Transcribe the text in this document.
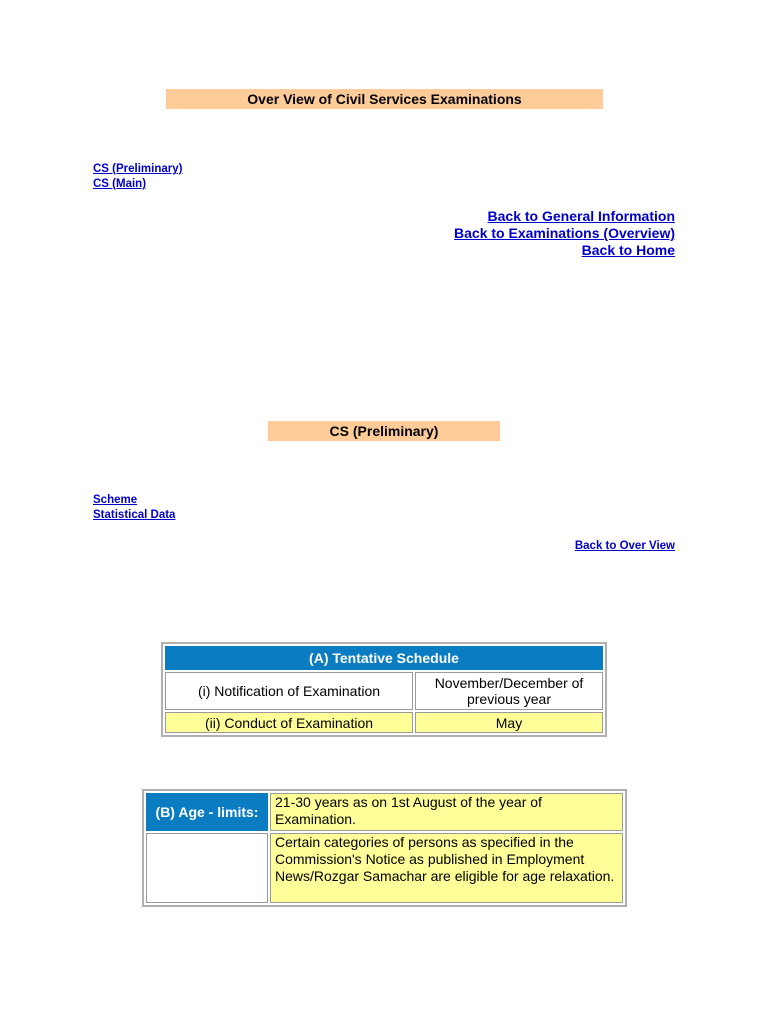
Over View of Civil Services Examinations
CS (Preliminary)
CS (Main)
Back to General Information
Back to Examinations (Overview)
Back to Home
CS (Preliminary)
Scheme
Statistical Data
Back to Over View
(A) Tentative Schedule	
(i) Notification of Examination	November/December of previous year
(ii) Conduct of Examination	May
(B) Age - limits:	21-30 years as on 1st August of the year of Examination.
	Certain categories of persons as specified in the Commission's Notice as published in Employment News/Rozgar Samachar are eligible for age relaxation.
